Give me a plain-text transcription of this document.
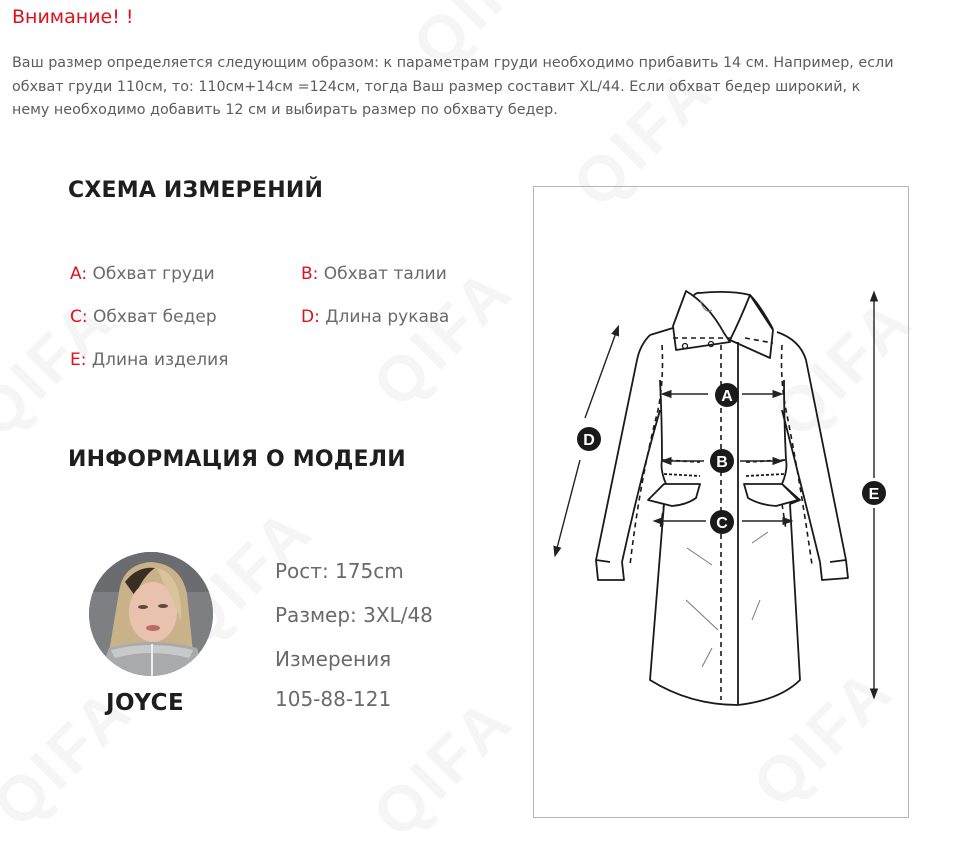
Внимание! !

Ваш размер определяется следующим образом: к параметрам груди необходимо прибавить 14 см. Например, если обхват груди 110см, то: 110см+14см =124см, тогда Ваш размер составит XL/44. Если обхват бедер широкий, к нему необходимо добавить 12 см и выбирать размер по обхвату бедер.

СХЕМА ИЗМЕРЕНИЙ
A: Обхват груди	B: Обхват талии
C: Обхват бедер	D: Длина рукава
E: Длина изделия
ИНФОРМАЦИЯ О МОДЕЛИ
JOYCE
Рост: 175cm
Размер: 3XL/48
Измерения
105-88-121
A
B
C
D
E
